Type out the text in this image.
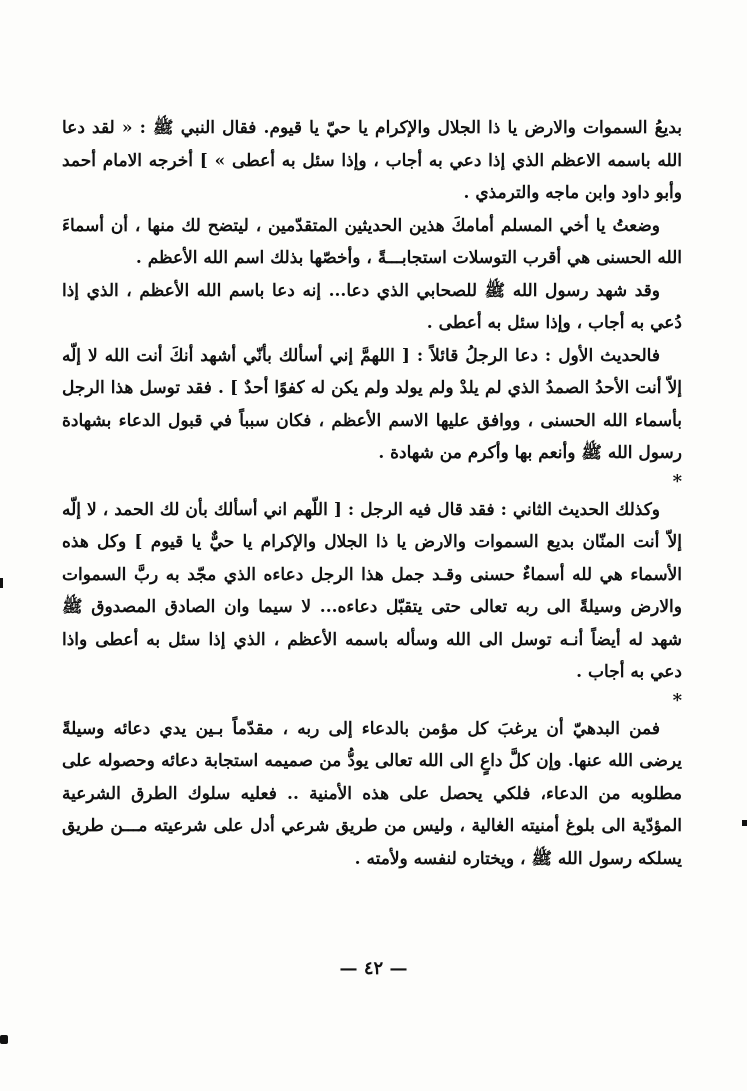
بديعُ السموات والارض يا ذا الجلال والإكرام يا حيّ يا قيوم. فقال النبي ﷺ : « لقد دعا الله باسمه الاعظم الذي إذا دعي به أجاب ، وإذا سئل به أعطى » ] أخرجه الامام أحمد وأبو داود وابن ماجه والترمذي .

وضعتُ يا أخي المسلم أمامكَ هذين الحديثين المتقدّمين ، ليتضح لك منها ، أن أسماءَ الله الحسنى هي أقرب التوسلات استجابـــةً ، وأخصّها بذلك اسم الله الأعظم .

وقد شهد رسول الله ﷺ للصحابي الذي دعا... إنه دعا باسم الله الأعظم ، الذي إذا دُعي به أجاب ، وإذا سئل به أعطى .

فالحديث الأول : دعا الرجلُ قائلاً : [ اللهمَّ إني أسألك بأنّي أشهد أنكَ أنت الله لا إلّه إلاّ أنت الأحدُ الصمدُ الذي لم يلدْ ولم يولد ولم يكن له كفوًا أحدٌ ] . فقد توسل هذا الرجل بأسماء الله الحسنى ، ووافق عليها الاسم الأعظم ، فكان سبباً في قبول الدعاء بشهادة رسول الله ﷺ وأنعم بها وأكرم من شهادة .

*

وكذلك الحديث الثاني : فقد قال فيه الرجل : [ اللّهم اني أسألك بأن لك الحمد ، لا إلّه إلاّ أنت المنّان بديع السموات والارض يا ذا الجلال والإكرام يا حيٌّ يا قيوم ] وكل هذه الأسماء هي لله أسماءٌ حسنى وقـد جمل هذا الرجل دعاءه الذي مجّد به ربَّ السموات والارض وسيلةً الى ربه تعالى حتى يتقبّل دعاءه... لا سيما وان الصادق المصدوق ﷺ شهد له أيضاً أنـه توسل الى الله وسأله باسمه الأعظم ، الذي إذا سئل به أعطى واذا دعي به أجاب .

*

فمن البدهيّ أن يرغبَ كل مؤمن بالدعاء إلى ربه ، مقدّماً بـين يدي دعائه وسيلةً يرضى الله عنها. وإن كلَّ داعٍ الى الله تعالى يودُّ من صميمه استجابة دعائه وحصوله على مطلوبه من الدعاء، فلكي يحصل على هذه الأمنية .. فعليه سلوك الطرق الشرعية المؤدّية الى بلوغ أمنيته الغالية ، وليس من طريق شرعي أدل على شرعيته مـــن طريق يسلكه رسول الله ﷺ ، ويختاره لنفسه ولأمته .

— ٤٢ —
